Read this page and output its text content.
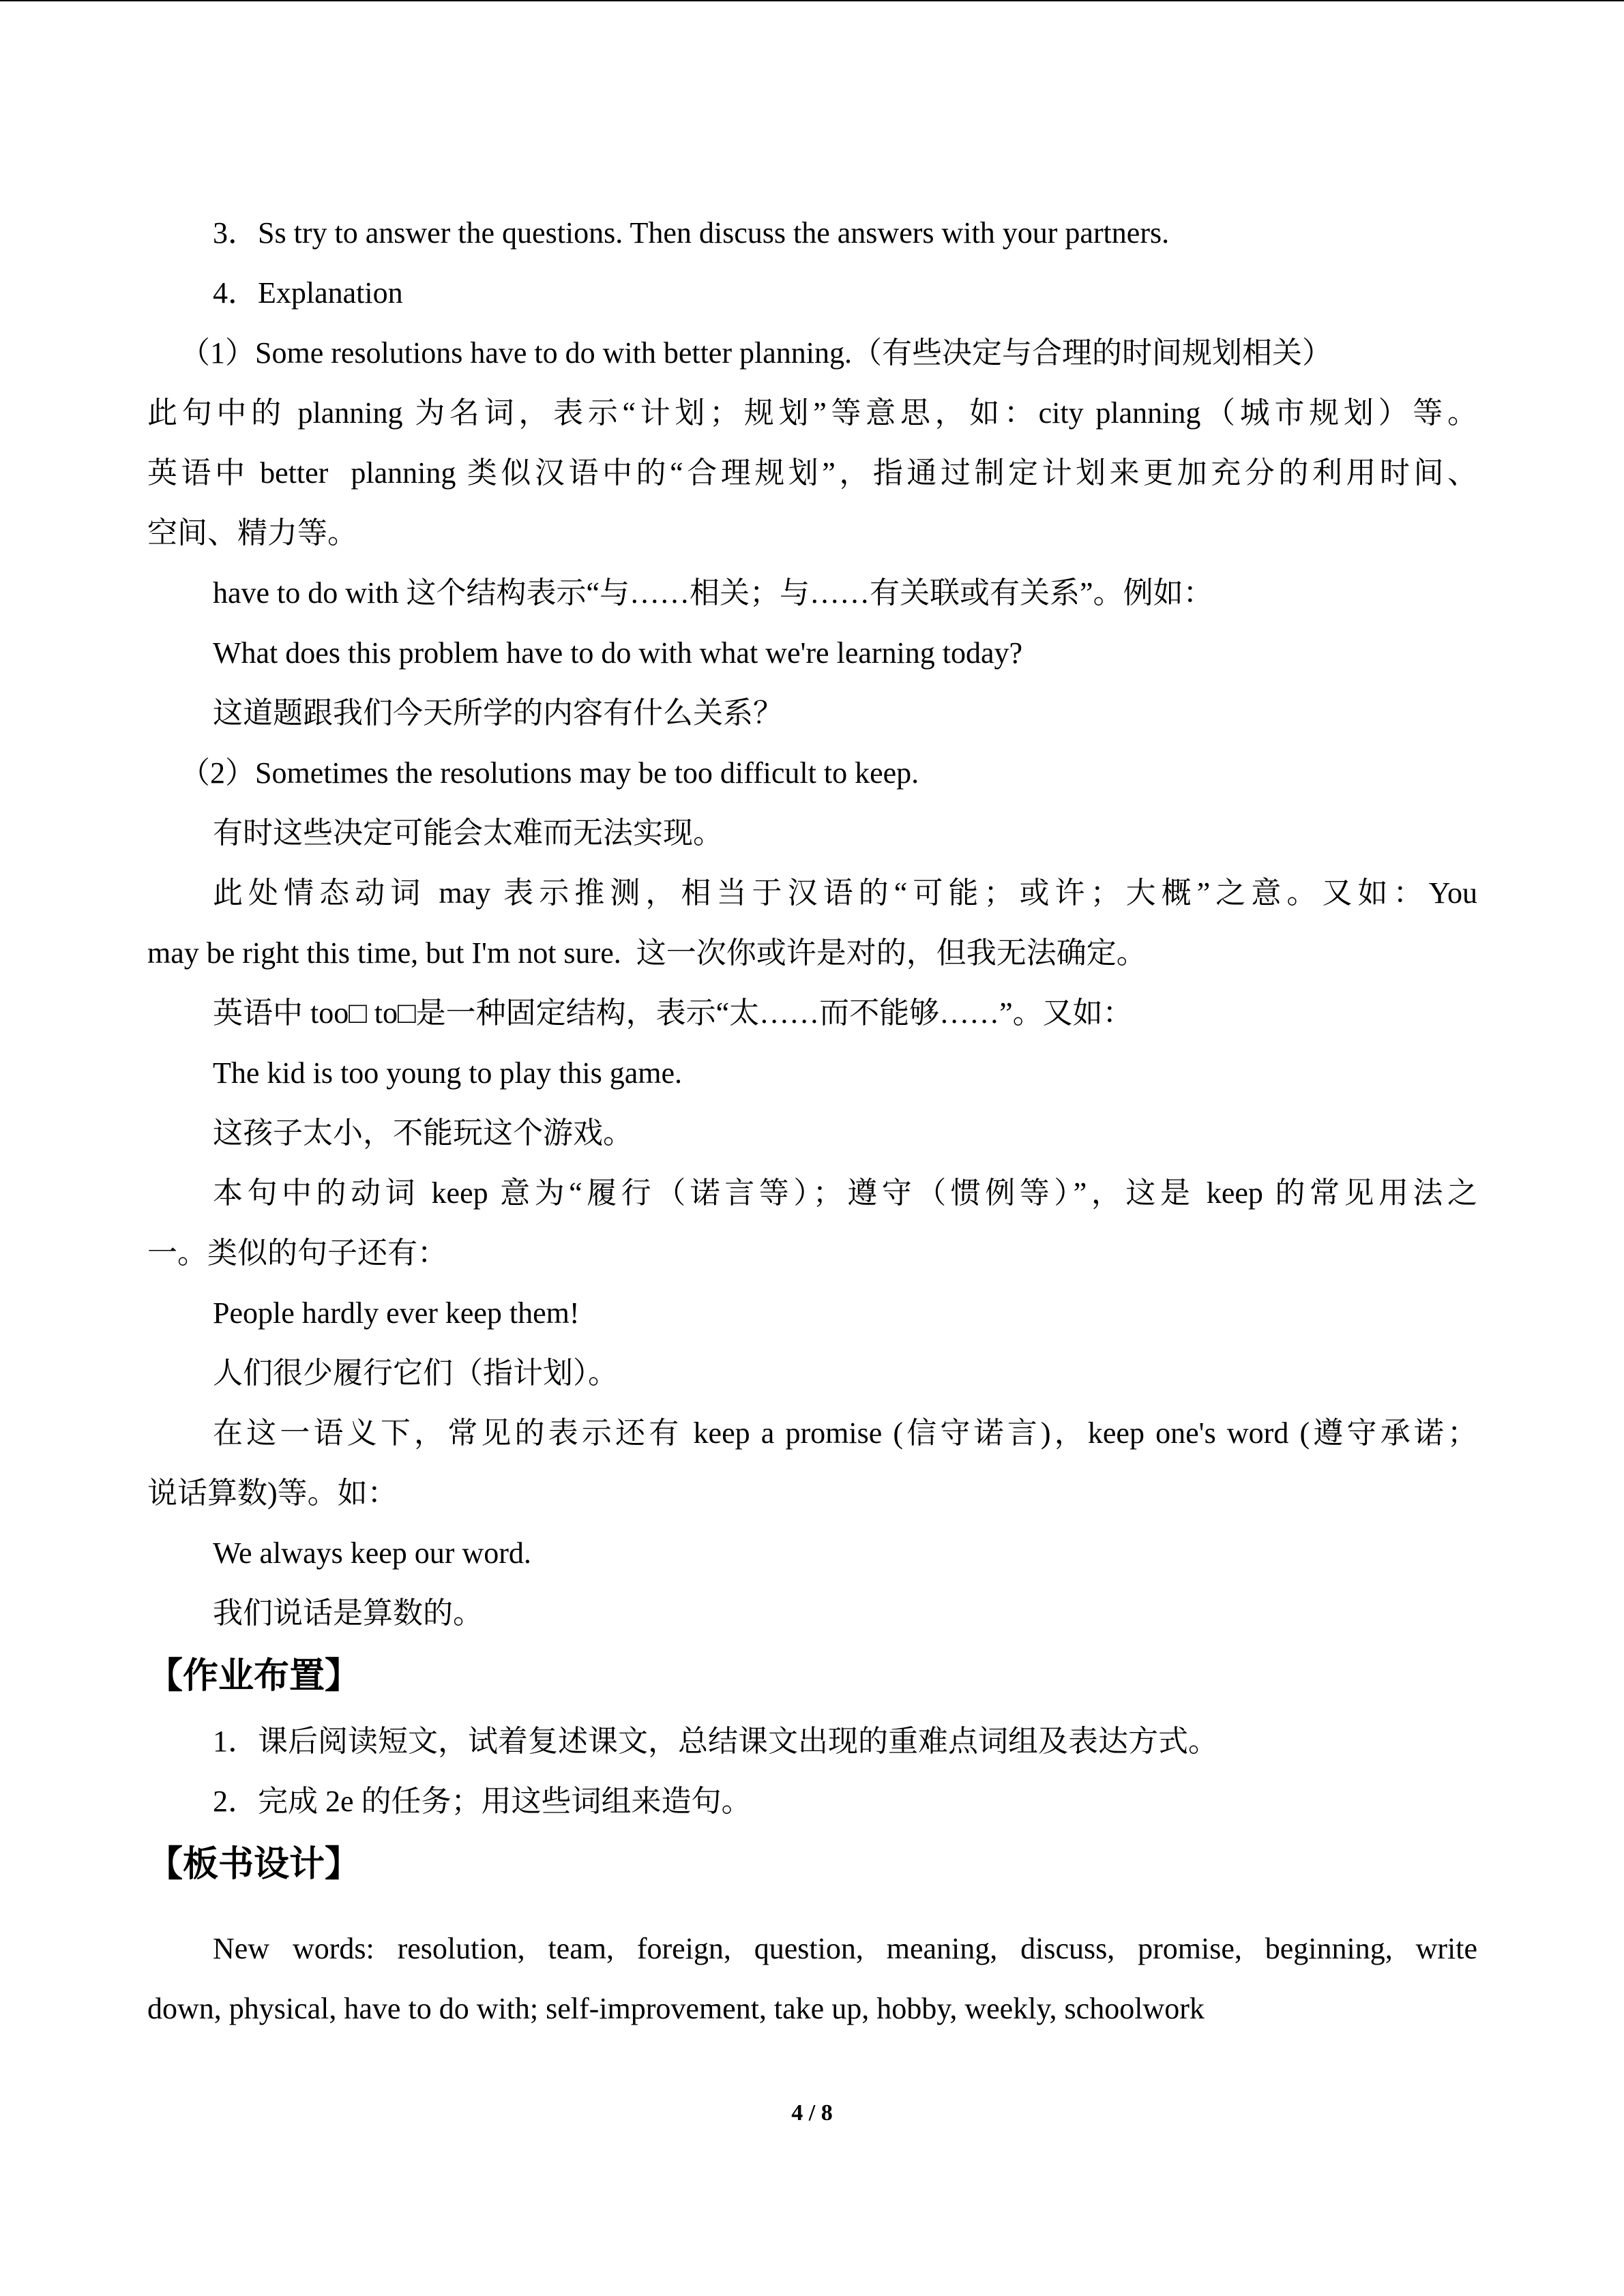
3．Ss try to answer the questions. Then discuss the answers with your partners.

4．Explanation

（1）Some resolutions have to do with better planning.（有些决定与合理的时间规划相关）

此句中的 planning 为名词，表示“计划；规划”等意思，如：city planning（城市规划）等。

英语中 better  planning 类似汉语中的“合理规划”，指通过制定计划来更加充分的利用时间、

空间、精力等。

have to do with 这个结构表示“与……相关；与……有关联或有关系”。例如：

What does this problem have to do with what we're learning today?

这道题跟我们今天所学的内容有什么关系？

（2）Sometimes the resolutions may be too difficult to keep.

有时这些决定可能会太难而无法实现。

此处情态动词 may 表示推测，相当于汉语的“可能；或许；大概”之意。又如：You

may be right this time, but I'm not sure.  这一次你或许是对的，但我无法确定。

英语中 too□ to□是一种固定结构，表示“太……而不能够……”。又如：

The kid is too young to play this game.

这孩子太小，不能玩这个游戏。

本句中的动词 keep 意为“履行（诺言等）；遵守（惯例等）”，这是 keep 的常见用法之

一。类似的句子还有：

People hardly ever keep them!

人们很少履行它们（指计划）。

在这一语义下，常见的表示还有 keep a promise (信守诺言)，keep one's word (遵守承诺；

说话算数)等。如：

We always keep our word.

我们说话是算数的。

【作业布置】

1．课后阅读短文，试着复述课文，总结课文出现的重难点词组及表达方式。

2．完成 2e 的任务；用这些词组来造句。

【板书设计】

New words: resolution, team, foreign, question, meaning, discuss, promise, beginning, write

down, physical, have to do with; self-improvement, take up, hobby, weekly, schoolwork

4 / 8
